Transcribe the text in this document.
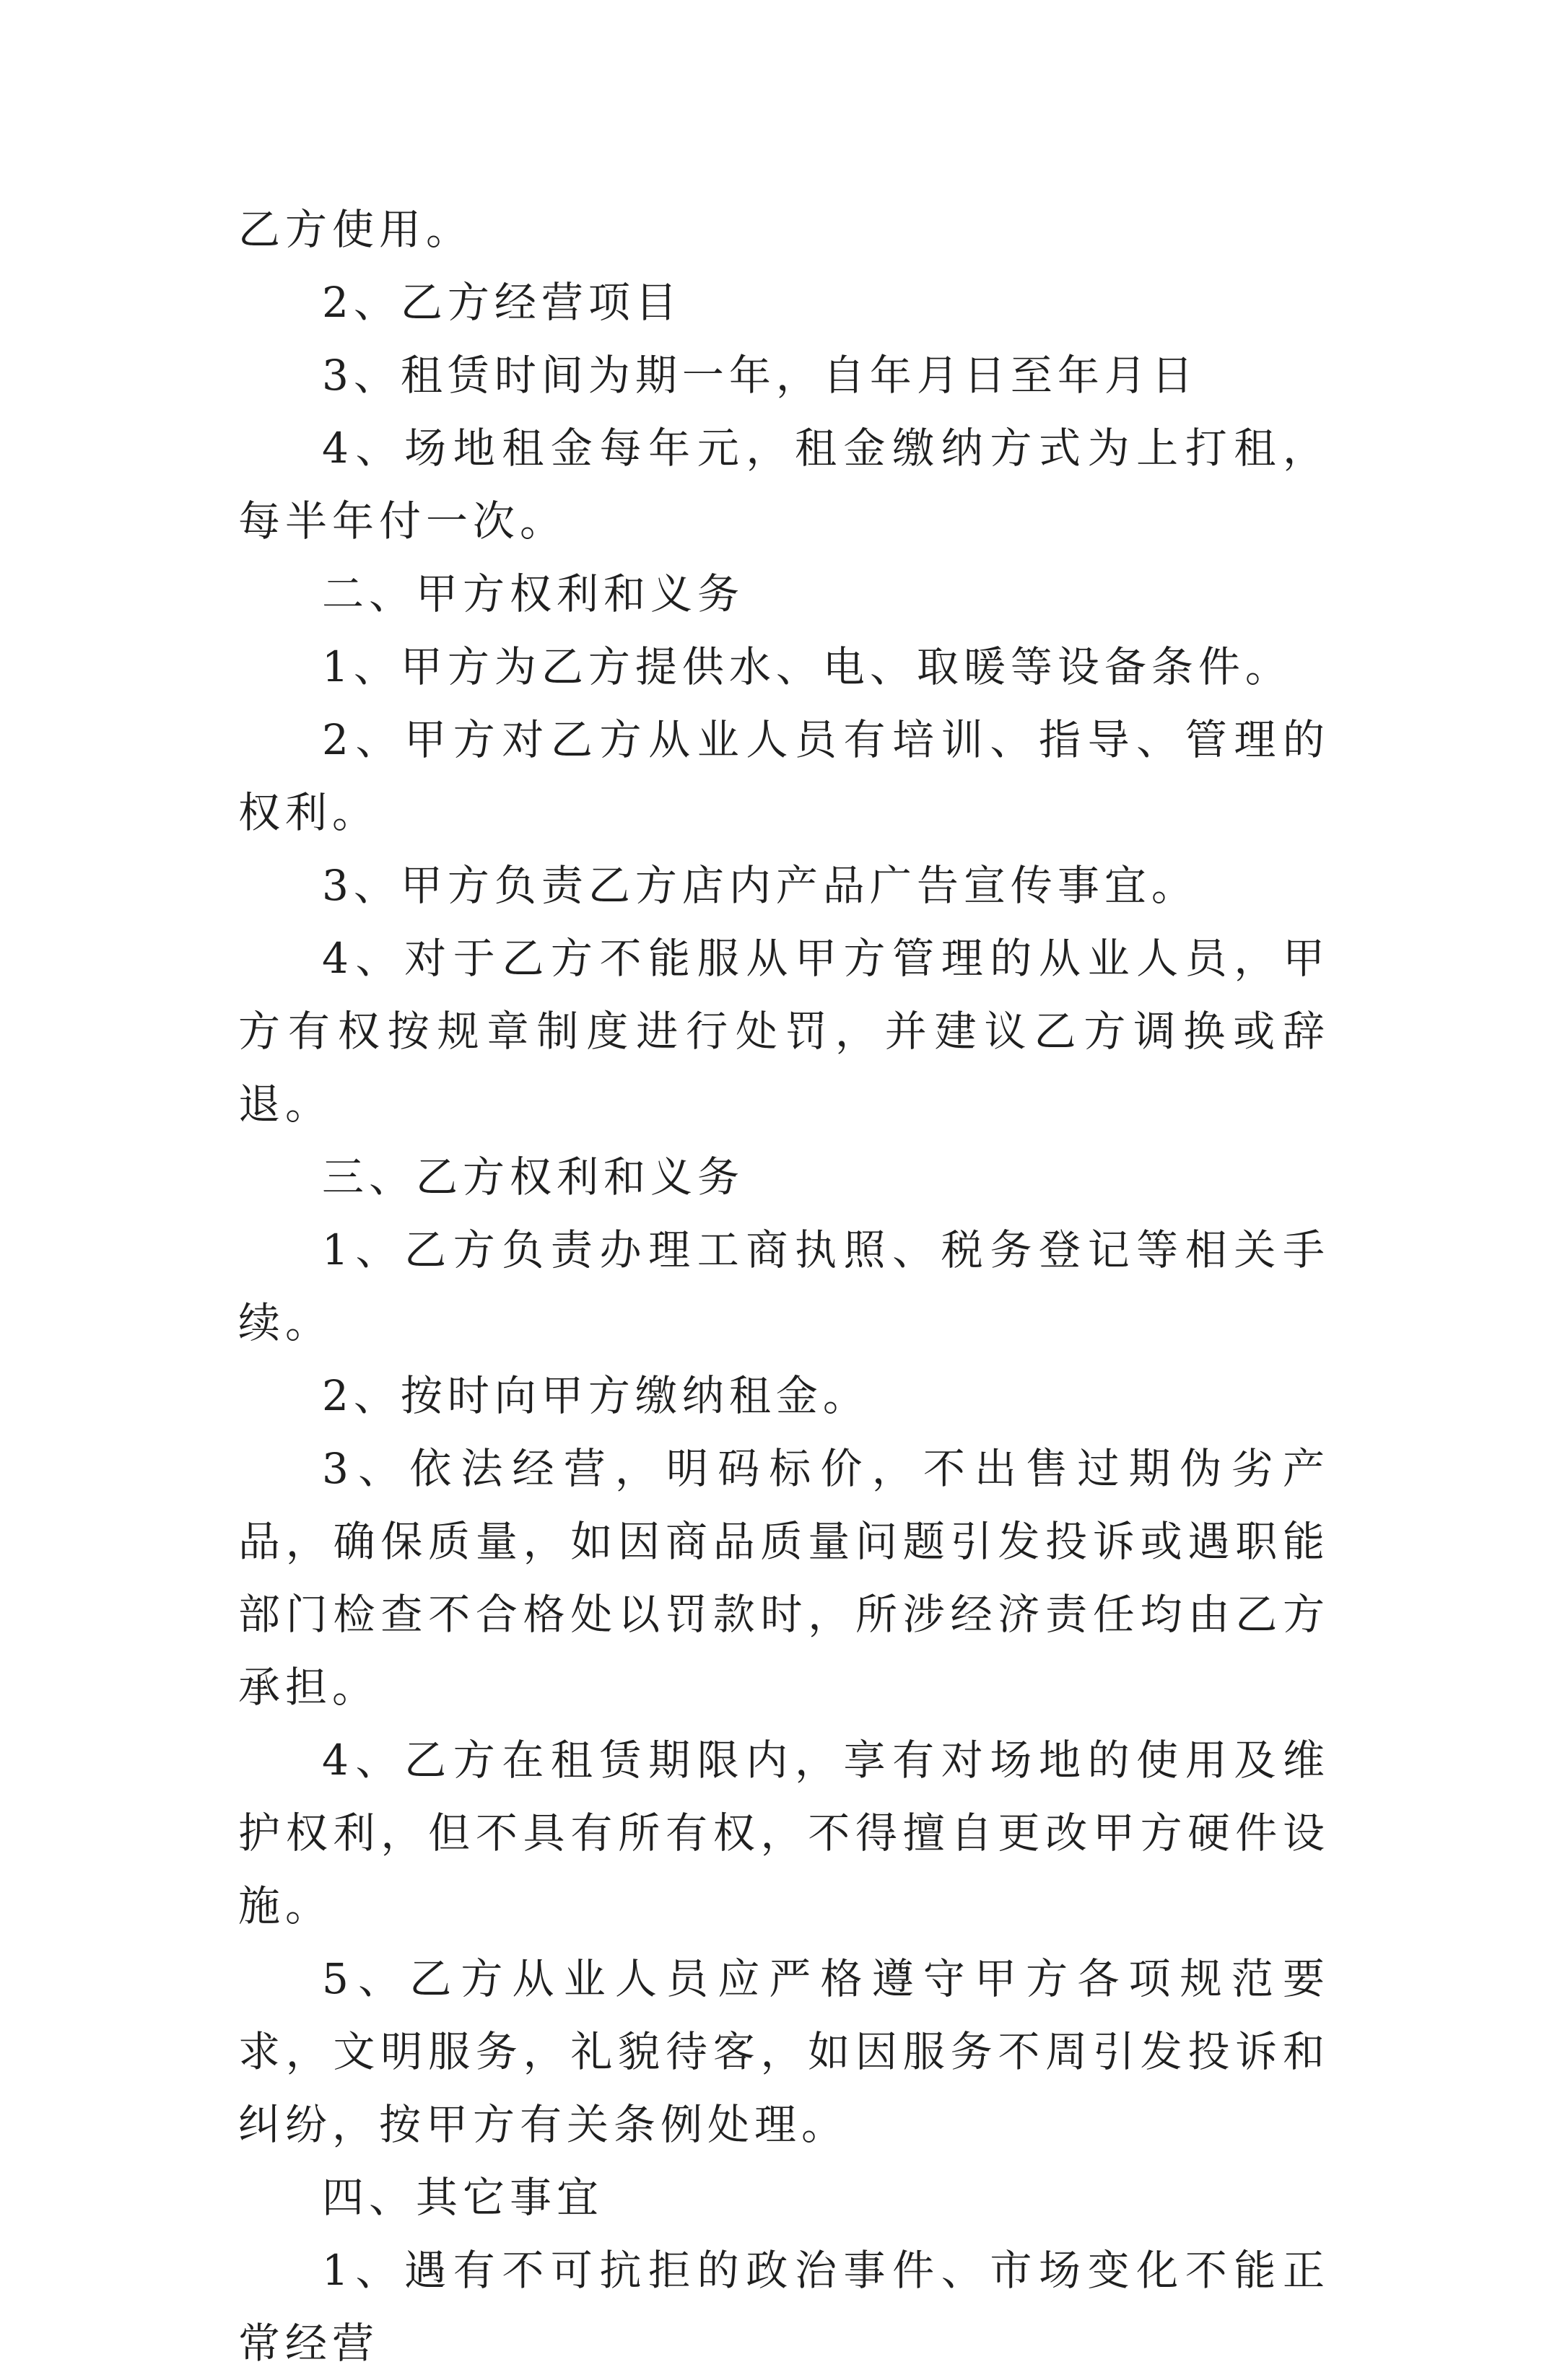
乙方使用。

2、乙方经营项目

3、租赁时间为期一年，自年月日至年月日

4、场地租金每年元，租金缴纳方式为上打租，每半年付一次。

二、甲方权利和义务

1、甲方为乙方提供水、电、取暖等设备条件。

2、甲方对乙方从业人员有培训、指导、管理的权利。

3、甲方负责乙方店内产品广告宣传事宜。

4、对于乙方不能服从甲方管理的从业人员，甲方有权按规章制度进行处罚，并建议乙方调换或辞退。

三、乙方权利和义务

1、乙方负责办理工商执照、税务登记等相关手续。

2、按时向甲方缴纳租金。

3、依法经营，明码标价，不出售过期伪劣产品，确保质量，如因商品质量问题引发投诉或遇职能部门检查不合格处以罚款时，所涉经济责任均由乙方承担。

4、乙方在租赁期限内，享有对场地的使用及维护权利，但不具有所有权，不得擅自更改甲方硬件设施。

5、乙方从业人员应严格遵守甲方各项规范要求，文明服务，礼貌待客，如因服务不周引发投诉和纠纷，按甲方有关条例处理。

四、其它事宜

1、遇有不可抗拒的政治事件、市场变化不能正常经营
